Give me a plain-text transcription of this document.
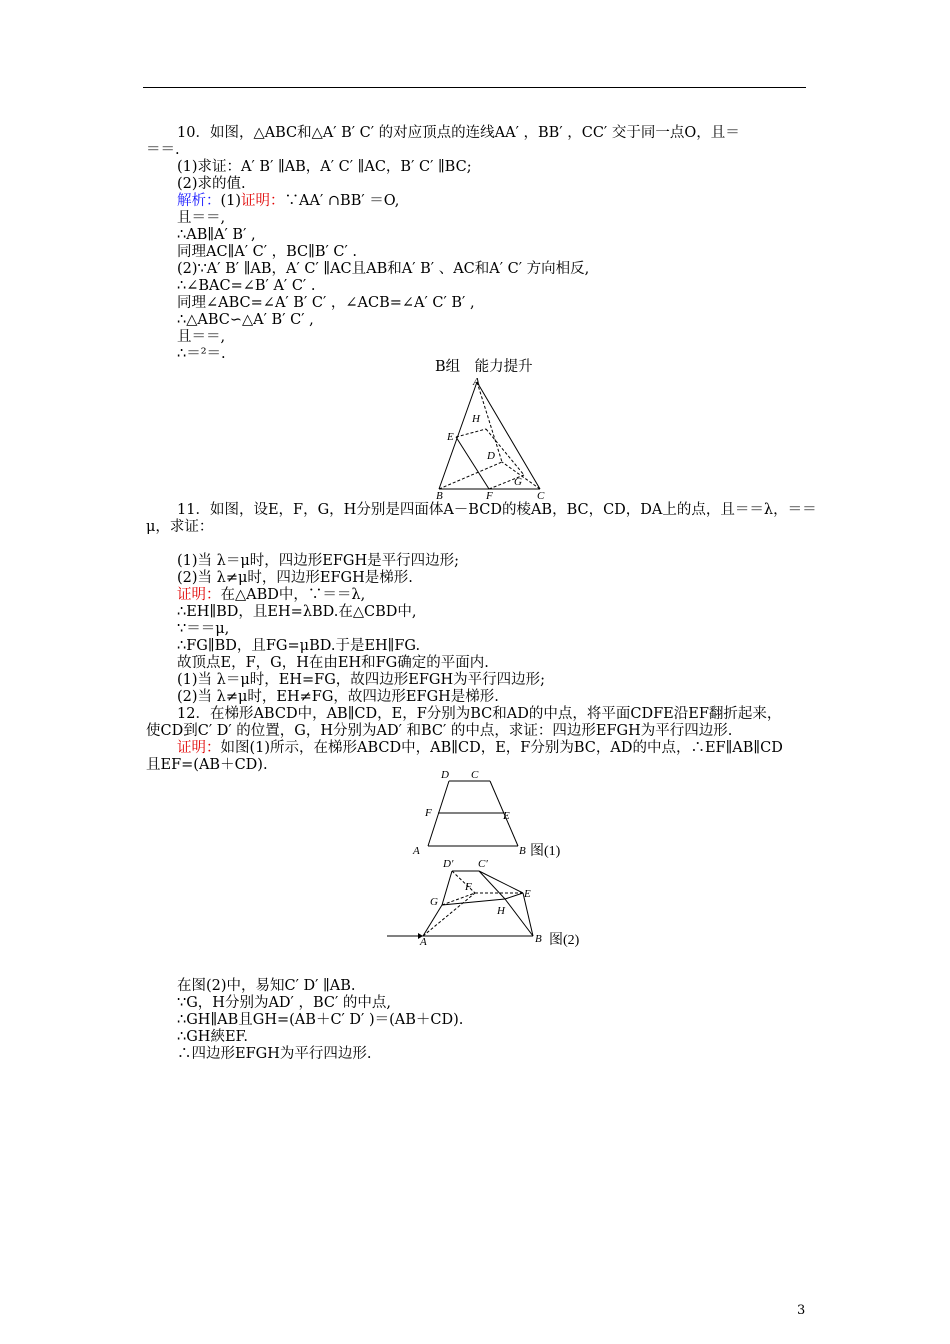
10．如图，△ABC和△A′ B′ C′ 的对应顶点的连线AA′ ，BB′ ，CC′ 交于同一点O，且＝
＝＝.
(1)求证：A′ B′ ∥AB，A′ C′ ∥AC，B′ C′ ∥BC;
(2)求的值.
解析：(1)证明：∵AA′ ∩BB′ ＝O,
且＝＝,
∴AB∥A′ B′ ,
同理AC∥A′ C′ ，BC∥B′ C′ .
(2)∵A′ B′ ∥AB，A′ C′ ∥AC且AB和A′ B′ 、AC和A′ C′ 方向相反,
∴∠BAC=∠B′ A′ C′ .
同理∠ABC=∠A′ B′ C′ ，∠ACB=∠A′ C′ B′ ,
∴△ABC∽△A′ B′ C′ ,
且＝＝,
∴＝²＝.
B组　能力提升
A
H
E
D
G
B	F	C
11．如图，设E，F，G，H分别是四面体A－BCD的棱AB，BC，CD，DA上的点，且＝＝λ，＝＝
μ，求证：
(1)当 λ＝μ时，四边形EFGH是平行四边形;
(2)当 λ≠μ时，四边形EFGH是梯形.
证明：在△ABD中，∵＝＝λ,
∴EH∥BD，且EH=λBD.在△CBD中,
∵＝＝μ,
∴FG∥BD，且FG=μBD.于是EH∥FG.
故顶点E，F，G，H在由EH和FG确定的平面内.
(1)当 λ＝μ时，EH=FG，故四边形EFGH为平行四边形;
(2)当 λ≠μ时，EH≠FG，故四边形EFGH是梯形.
12．在梯形ABCD中，AB∥CD，E，F分别为BC和AD的中点，将平面CDFE沿EF翻折起来，
使CD到C′ D′ 的位置，G，H分别为AD′ 和BC′ 的中点，求证：四边形EFGH为平行四边形.
证明：如图(1)所示，在梯形ABCD中，AB∥CD，E，F分别为BC，AD的中点，∴EF∥AB∥CD
且EF=(AB＋CD).
D C
F	E
A	B 图(1)
D′ C′
F
G
E
H
A	B 图(2)
在图(2)中，易知C′ D′ ∥AB.
∵G，H分别为AD′ ，BC′ 的中点,
∴GH∥AB且GH=(AB＋C′ D′ )＝(AB＋CD).
∴GH綊EF.
∴四边形EFGH为平行四边形.
3
